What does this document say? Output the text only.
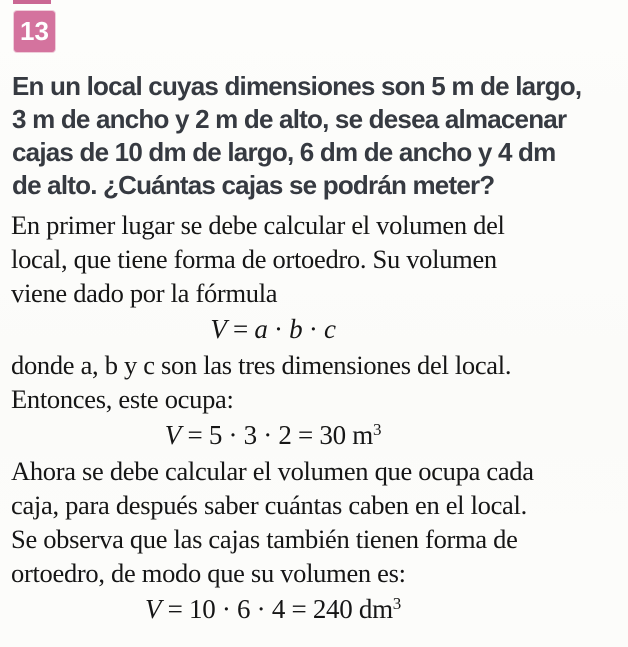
13
En un local cuyas dimensiones son 5 m de largo,
3 m de ancho y 2 m de alto, se desea almacenar
cajas de 10 dm de largo, 6 dm de ancho y 4 dm
de alto. ¿Cuántas cajas se podrán meter?
En primer lugar se debe calcular el volumen del
local, que tiene forma de ortoedro. Su volumen
viene dado por la fórmula
V = a · b · c
donde a, b y c son las tres dimensiones del local.
Entonces, este ocupa:
V = 5 · 3 · 2 = 30 $m^3$
Ahora se debe calcular el volumen que ocupa cada
caja, para después saber cuántas caben en el local.
Se observa que las cajas también tienen forma de
ortoedro, de modo que su volumen es:
V = 10 · 6 · 4 = 240 $dm^3$
